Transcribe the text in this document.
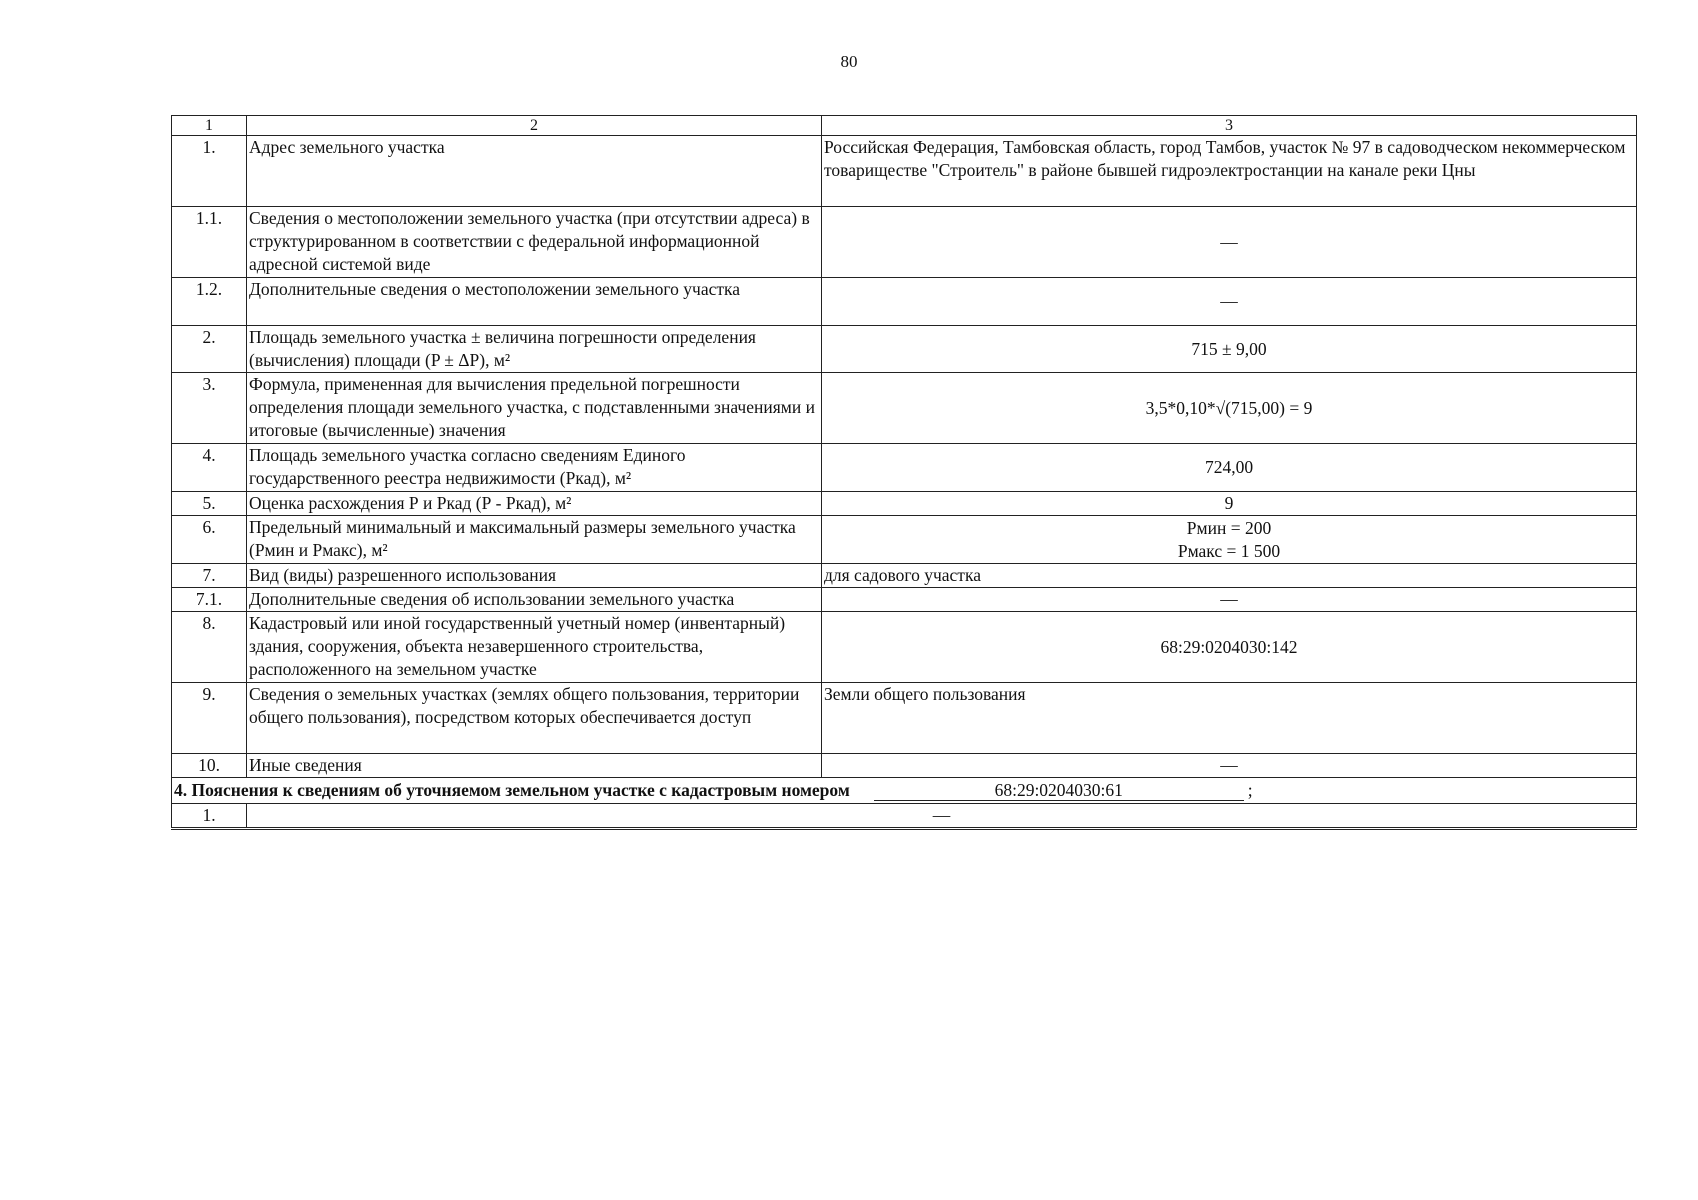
80
1	2	3
1.	Адрес земельного участка	Российская Федерация, Тамбовская область, город Тамбов, участок № 97 в садоводческом некоммерческом товариществе "Строитель" в районе бывшей гидроэлектростанции на канале реки Цны
1.1.	Сведения о местоположении земельного участка (при отсутствии адреса) в структурированном в соответствии с федеральной информационной адресной системой виде	—
1.2.	Дополнительные сведения о местоположении земельного участка	—
2.	Площадь земельного участка ± величина погрешности определения (вычисления) площади (P ± ΔP), м²	715 ± 9,00
3.	Формула, примененная для вычисления предельной погрешности определения площади земельного участка, с подставленными значениями и итоговые (вычисленные) значения	3,5*0,10*√(715,00) = 9
4.	Площадь земельного участка согласно сведениям Единого государственного реестра недвижимости (Ркад), м²	724,00
5.	Оценка расхождения Р и Ркад (Р - Ркад), м²	9
6.	Предельный минимальный и максимальный размеры земельного участка (Рмин и Рмакс), м²	Рмин = 200
Рмакс = 1 500

7.	Вид (виды) разрешенного использования	для садового участка
7.1.	Дополнительные сведения об использовании земельного участка	—
8.	Кадастровый или иной государственный учетный номер (инвентарный) здания, сооружения, объекта незавершенного строительства, расположенного на земельном участке	68:29:0204030:142
9.	Сведения о земельных участках (землях общего пользования, территории общего пользования), посредством которых обеспечивается доступ	Земли общего пользования
10.	Иные сведения	—
4. Пояснения к сведениям об уточняемом земельном участке с кадастровым номером 68:29:0204030:61 ;		
1.	—	
